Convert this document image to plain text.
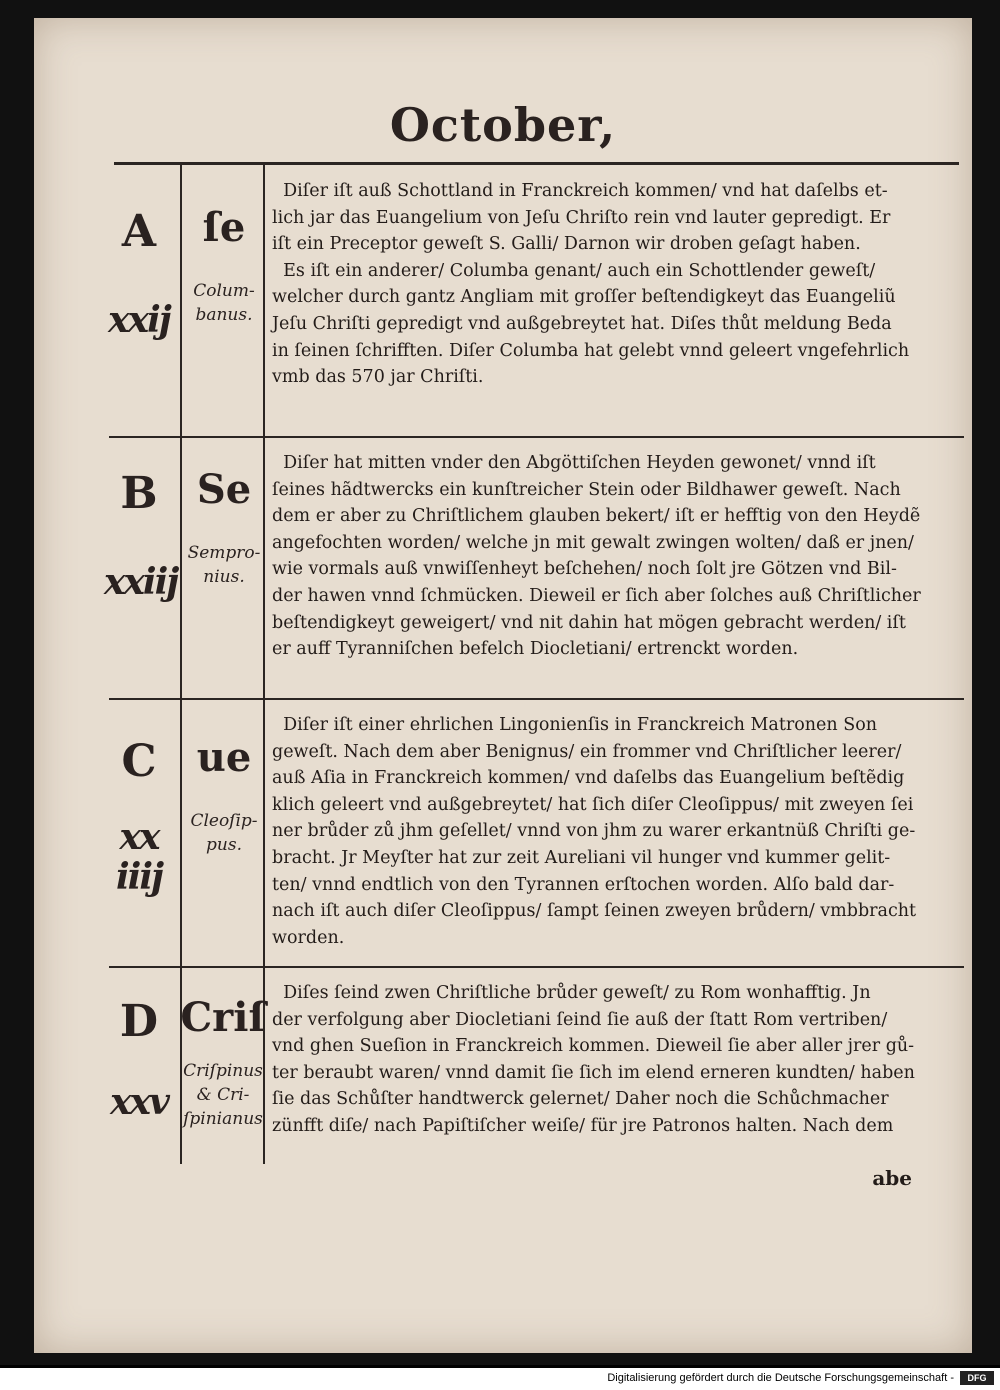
October,
A
xxij
ſe
Colum-
banus.
Diſer iſt auß Schottland in Franckreich kommen/ vnd hat daſelbs et-
lich jar das Euangelium von Jeſu Chriſto rein vnd lauter gepredigt. Er
iſt ein Preceptor geweſt S. Galli/ Darnon wir droben geſagt haben.
Es iſt ein anderer/ Columba genant/ auch ein Schottlender geweſt/
welcher durch gantz Angliam mit groſſer beſtendigkeyt das Euangeliũ
Jeſu Chriſti gepredigt vnd außgebreytet hat. Diſes thůt meldung Beda
in ſeinen ſchrifften. Diſer Columba hat gelebt vnnd geleert vngefehrlich
vmb das 570 jar Chriſti.
B
xxiij
Se
Sempro-
nius.
Diſer hat mitten vnder den Abgöttiſchen Heyden gewonet/ vnnd iſt
ſeines hãdtwercks ein kunſtreicher Stein oder Bildhawer geweſt. Nach
dem er aber zu Chriſtlichem glauben bekert/ iſt er hefftig von den Heydẽ
angefochten worden/ welche jn mit gewalt zwingen wolten/ daß er jnen/
wie vormals auß vnwiſſenheyt beſchehen/ noch ſolt jre Götzen vnd Bil-
der hawen vnnd ſchmücken. Dieweil er ſich aber ſolches auß Chriſtlicher
beſtendigkeyt geweigert/ vnd nit dahin hat mögen gebracht werden/ iſt
er auff Tyranniſchen befelch Diocletiani/ ertrenckt worden.
C
xx
iiij
ue
Cleoſip-
pus.
Diſer iſt einer ehrlichen Lingonienſis in Franckreich Matronen Son
geweſt. Nach dem aber Benignus/ ein frommer vnd Chriſtlicher leerer/
auß Aſia in Franckreich kommen/ vnd daſelbs das Euangelium beſtẽdig
klich geleert vnd außgebreytet/ hat ſich diſer Cleoſippus/ mit zweyen ſei
ner brůder zů jhm geſellet/ vnnd von jhm zu warer erkantnüß Chriſti ge-
bracht. Jr Meyſter hat zur zeit Aureliani vil hunger vnd kummer gelit-
ten/ vnnd endtlich von den Tyrannen erſtochen worden. Alſo bald dar-
nach iſt auch diſer Cleoſippus/ ſampt ſeinen zweyen brůdern/ vmbbracht
worden.
D
xxv
Criſ
Criſpinus
& Cri-
ſpinianus
Diſes ſeind zwen Chriſtliche brůder geweſt/ zu Rom wonhafftig. Jn
der verfolgung aber Diocletiani ſeind ſie auß der ſtatt Rom vertriben/
vnd ghen Sueſion in Franckreich kommen. Dieweil ſie aber aller jrer gů-
ter beraubt waren/ vnnd damit ſie ſich im elend erneren kundten/ haben
ſie das Schůſter handtwerck gelernet/ Daher noch die Schůchmacher
zünfft diſe/ nach Papiſtiſcher weiſe/ für jre Patronos halten. Nach dem
abe
Digitalisierung gefördert durch die Deutsche Forschungsgemeinschaft -	DFG
